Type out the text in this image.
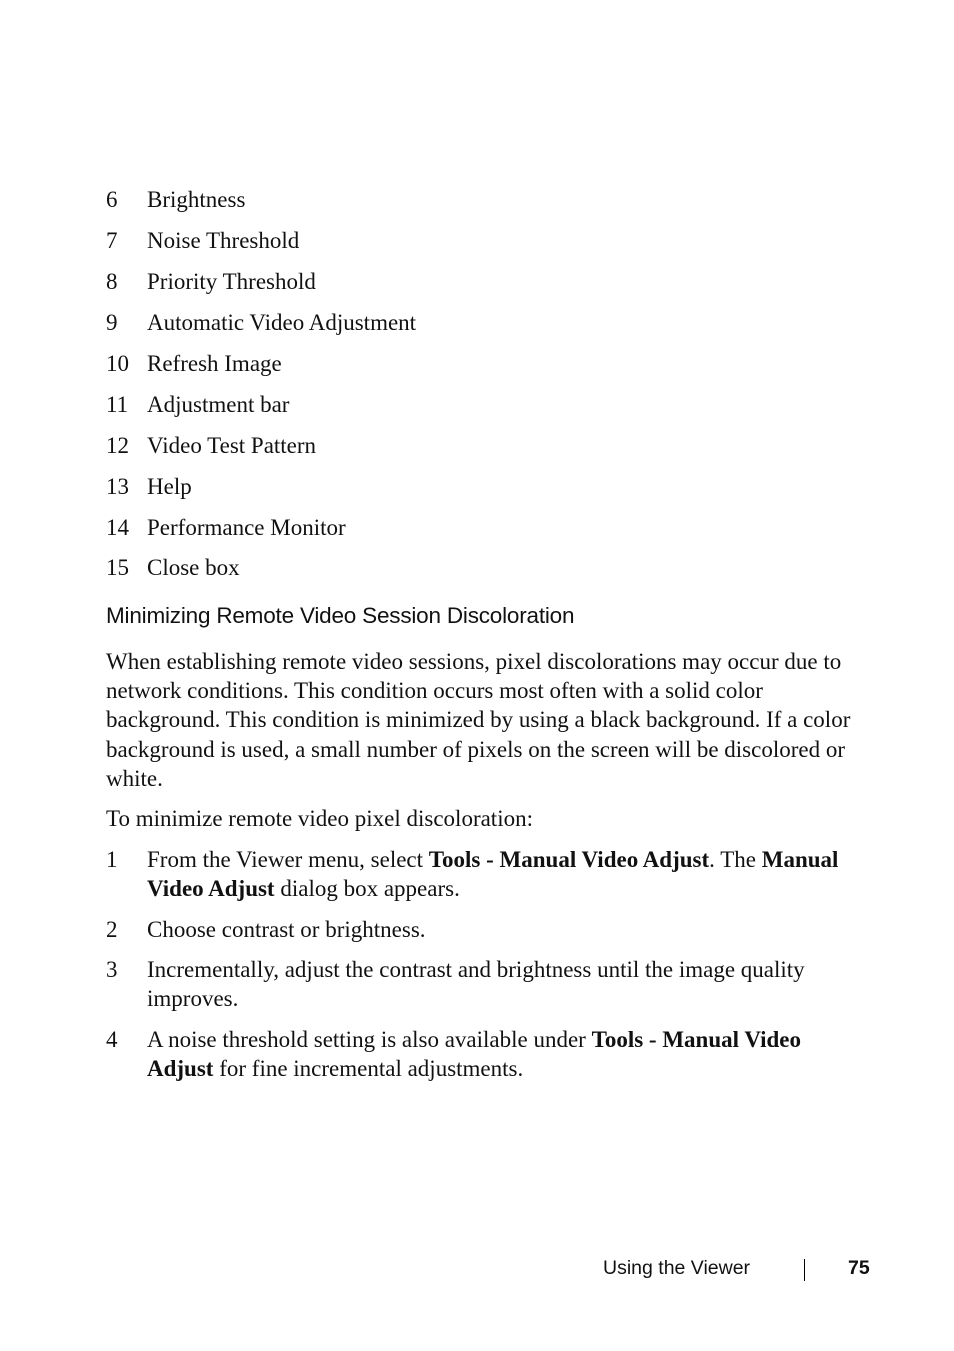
6 Brightness
7 Noise Threshold
8 Priority Threshold
9 Automatic Video Adjustment
10 Refresh Image
11 Adjustment bar
12 Video Test Pattern
13 Help
14 Performance Monitor
15 Close box
Minimizing Remote Video Session Discoloration
When establishing remote video sessions, pixel discolorations may occur due to
network conditions. This condition occurs most often with a solid color
background. This condition is minimized by using a black background. If a color
background is used, a small number of pixels on the screen will be discolored or
white.
To minimize remote video pixel discoloration:
1 From the Viewer menu, select Tools - Manual Video Adjust. The Manual
Video Adjust dialog box appears.
2 Choose contrast or brightness.
3 Incrementally, adjust the contrast and brightness until the image quality
improves.
4 A noise threshold setting is also available under Tools - Manual Video
Adjust for fine incremental adjustments.
Using the Viewer	75
